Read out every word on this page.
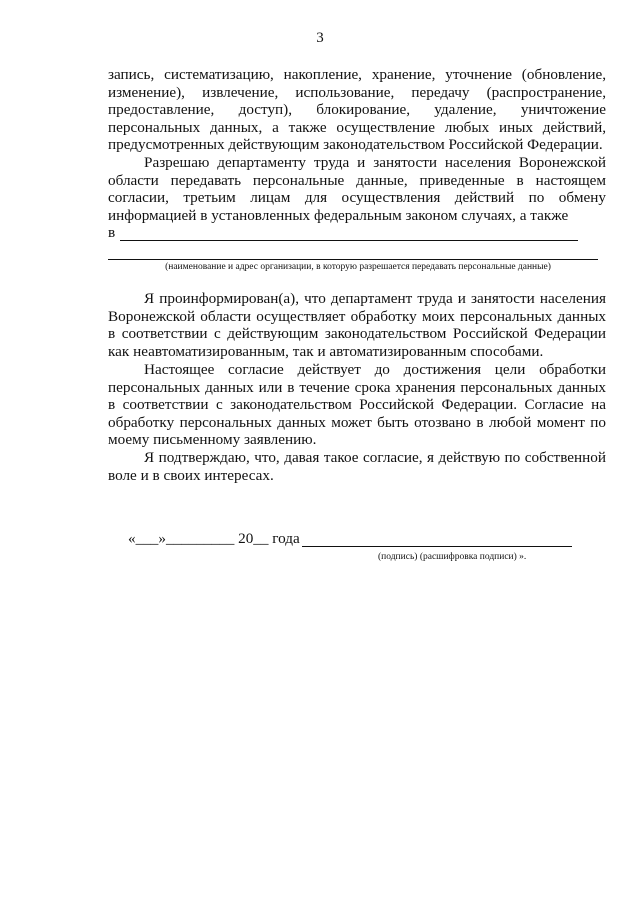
3

запись, систематизацию, накопление, хранение, уточнение (обновление, изменение), извлечение, использование, передачу (распространение, предоставление, доступ), блокирование, удаление, уничтожение персональных данных, а также осуществление любых иных действий, предусмотренных действующим законодательством Российской Федерации.

Разрешаю департаменту труда и занятости населения Воронежской области передавать персональные данные, приведенные в настоящем согласии, третьим лицам для осуществления действий по обмену информацией в установленных федеральным законом случаях, а также

в
(наименование и адрес организации, в которую разрешается передавать персональные данные)

Я проинформирован(а), что департамент труда и занятости населения Воронежской области осуществляет обработку моих персональных данных в соответствии с действующим законодательством Российской Федерации как неавтоматизированным, так и автоматизированным способами.

Настоящее согласие действует до достижения цели обработки персональных данных или в течение срока хранения персональных данных в соответствии с законодательством Российской Федерации. Согласие на обработку персональных данных может быть отозвано в любой момент по моему письменному заявлению.

Я подтверждаю, что, давая такое согласие, я действую по собственной воле и в своих интересах.

«___»_________ 20__ года
(подпись) (расшифровка подписи) ».
